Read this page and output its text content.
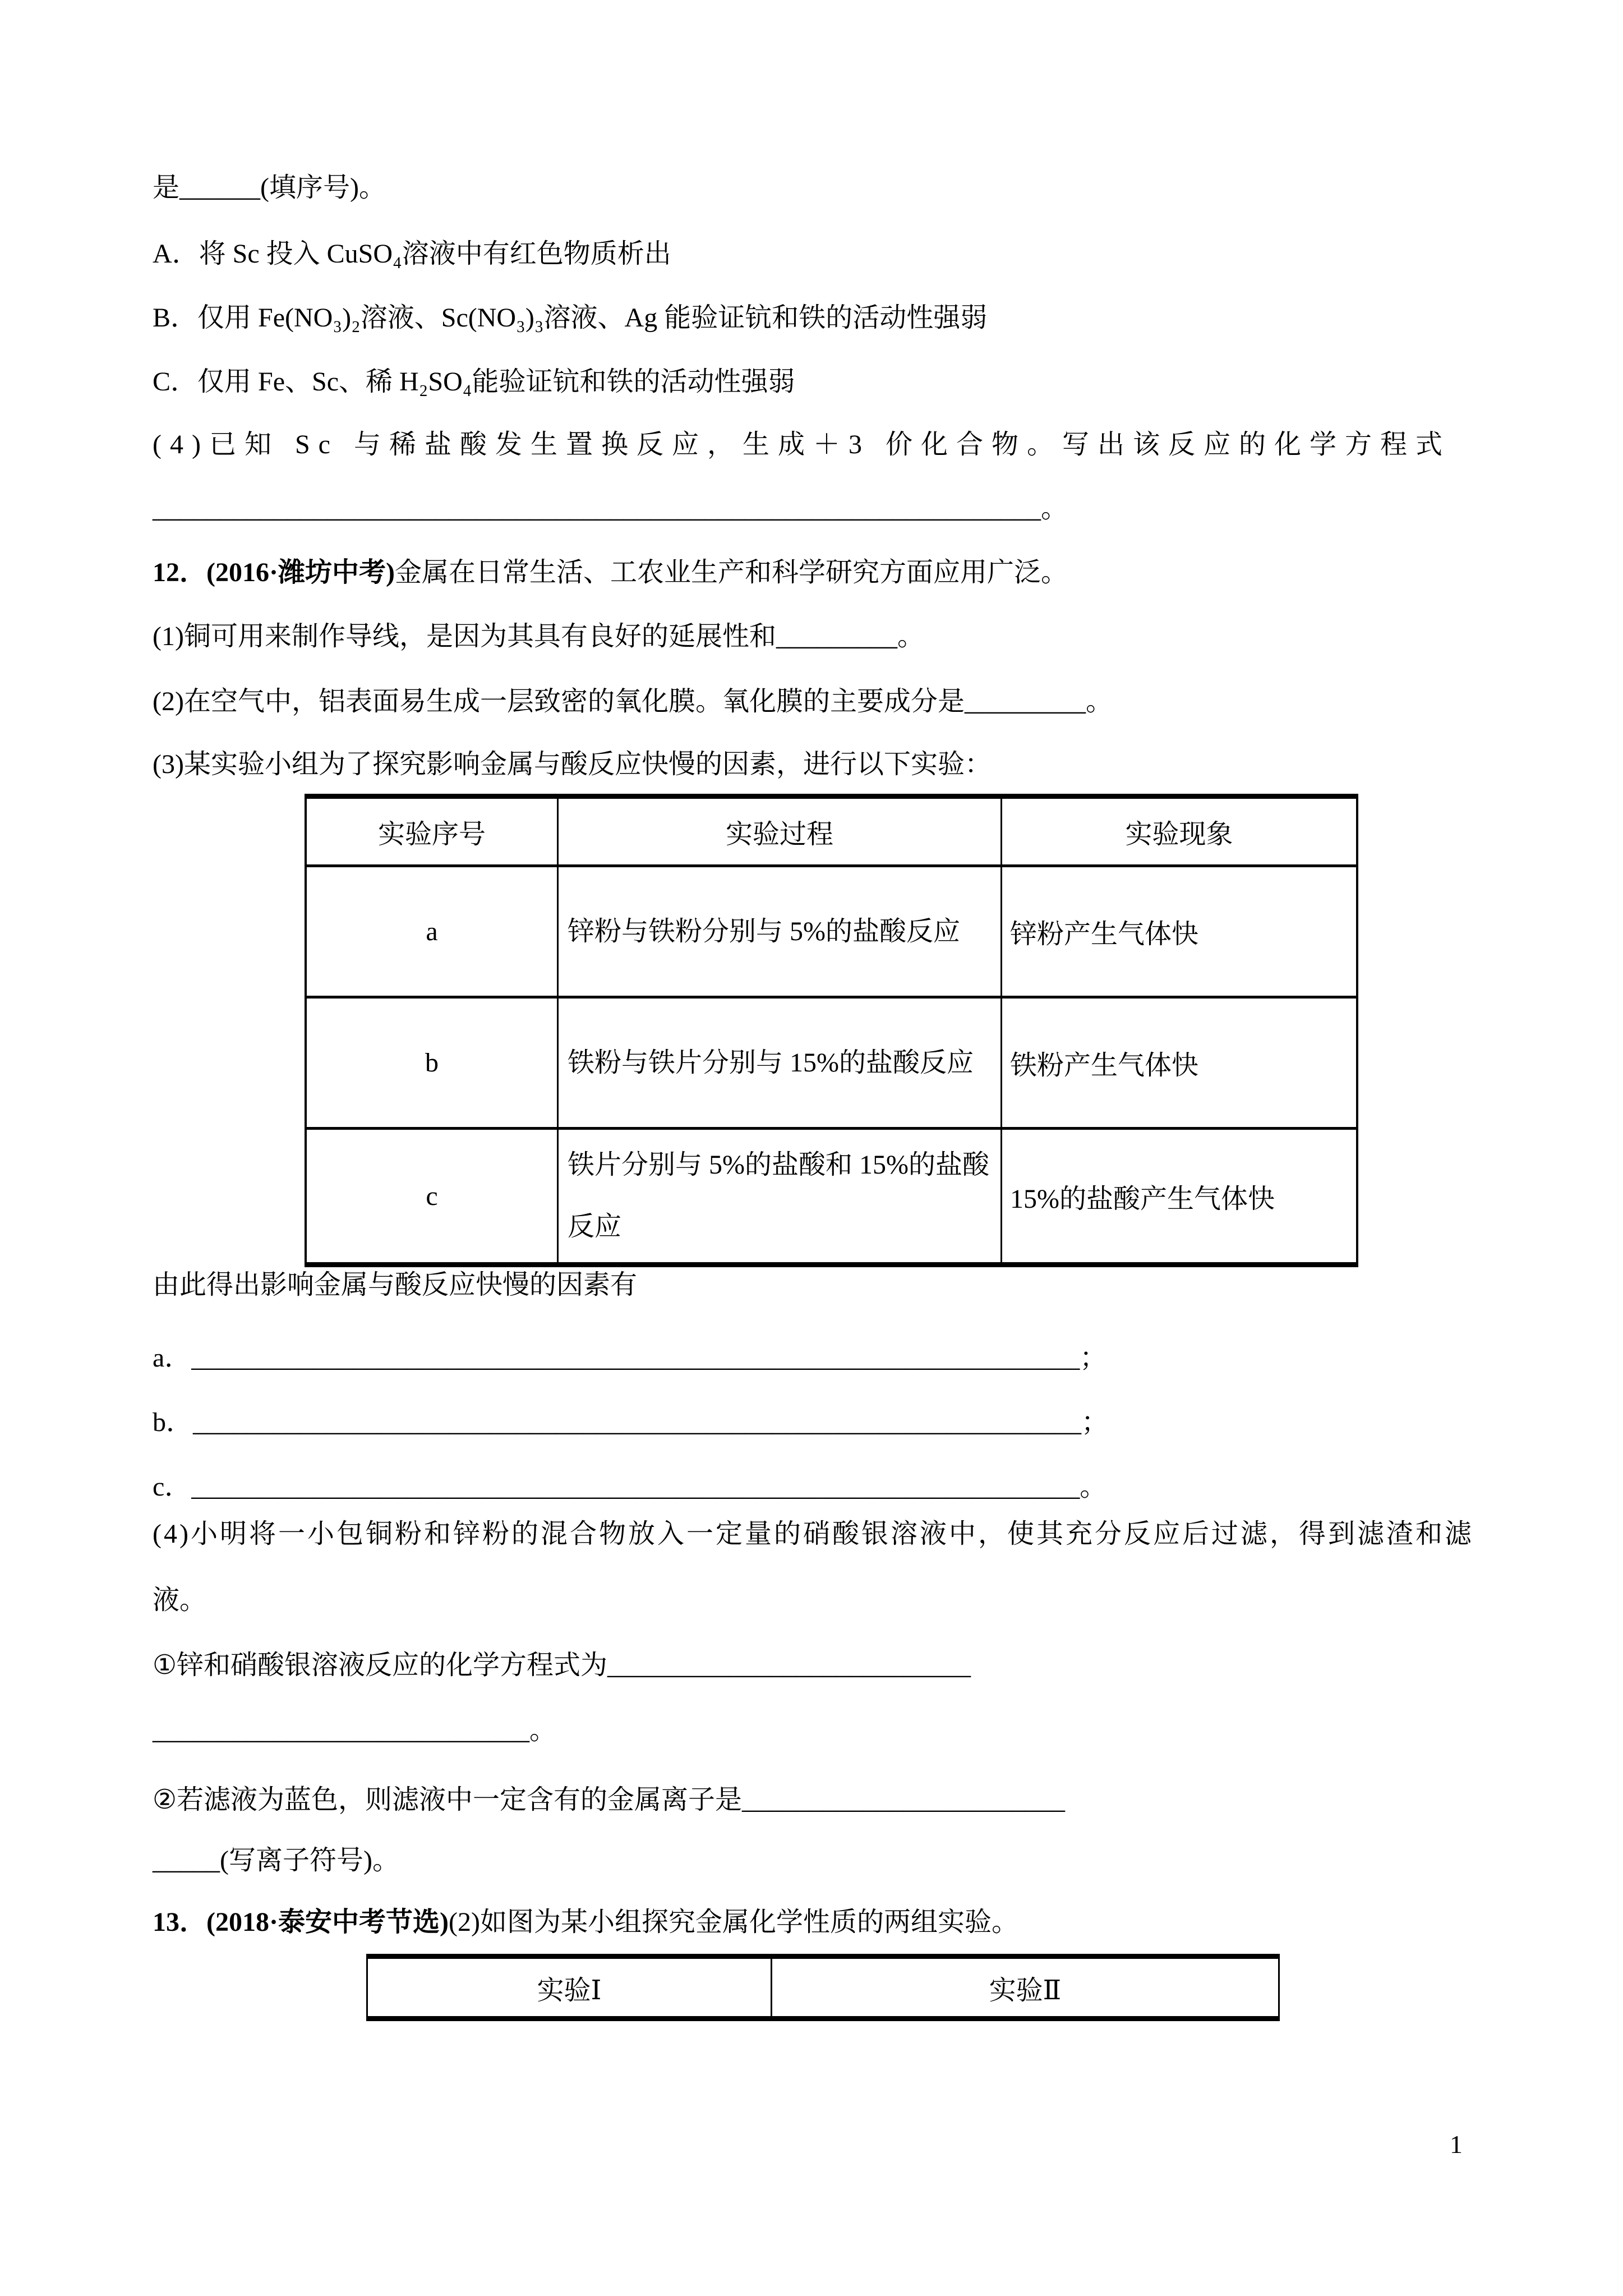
是______(填序号)。
A．将 Sc 投入 CuSO₄溶液中有红色物质析出
B．仅用 Fe(NO₃)₂溶液、Sc(NO₃)₃溶液、Ag 能验证钪和铁的活动性强弱
C．仅用 Fe、Sc、稀 H₂SO₄能验证钪和铁的活动性强弱
(4)已知 Sc 与稀盐酸发生置换反应，生成＋3 价化合物。写出该反应的化学方程式
__________________________________________________________________。
12．(2016·潍坊中考)金属在日常生活、工农业生产和科学研究方面应用广泛。
(1)铜可用来制作导线，是因为其具有良好的延展性和_________。
(2)在空气中，铝表面易生成一层致密的氧化膜。氧化膜的主要成分是_________。
(3)某实验小组为了探究影响金属与酸反应快慢的因素，进行以下实验：
实验序号	实验过程	实验现象
a	锌粉与铁粉分别与 5%的盐酸反应	锌粉产生气体快
b	铁粉与铁片分别与 15%的盐酸反应	铁粉产生气体快
c	铁片分别与 5%的盐酸和 15%的盐酸反应	15%的盐酸产生气体快
由此得出影响金属与酸反应快慢的因素有
a．__________________________________________________________________；
b．__________________________________________________________________；
c．__________________________________________________________________。
(4)小明将一小包铜粉和锌粉的混合物放入一定量的硝酸银溶液中，使其充分反应后过滤，得到滤渣和滤
液。
①锌和硝酸银溶液反应的化学方程式为___________________________
____________________________。
②若滤液为蓝色，则滤液中一定含有的金属离子是________________________
_____(写离子符号)。
13．(2018·泰安中考节选)(2)如图为某小组探究金属化学性质的两组实验。
实验Ⅰ	实验Ⅱ
1
